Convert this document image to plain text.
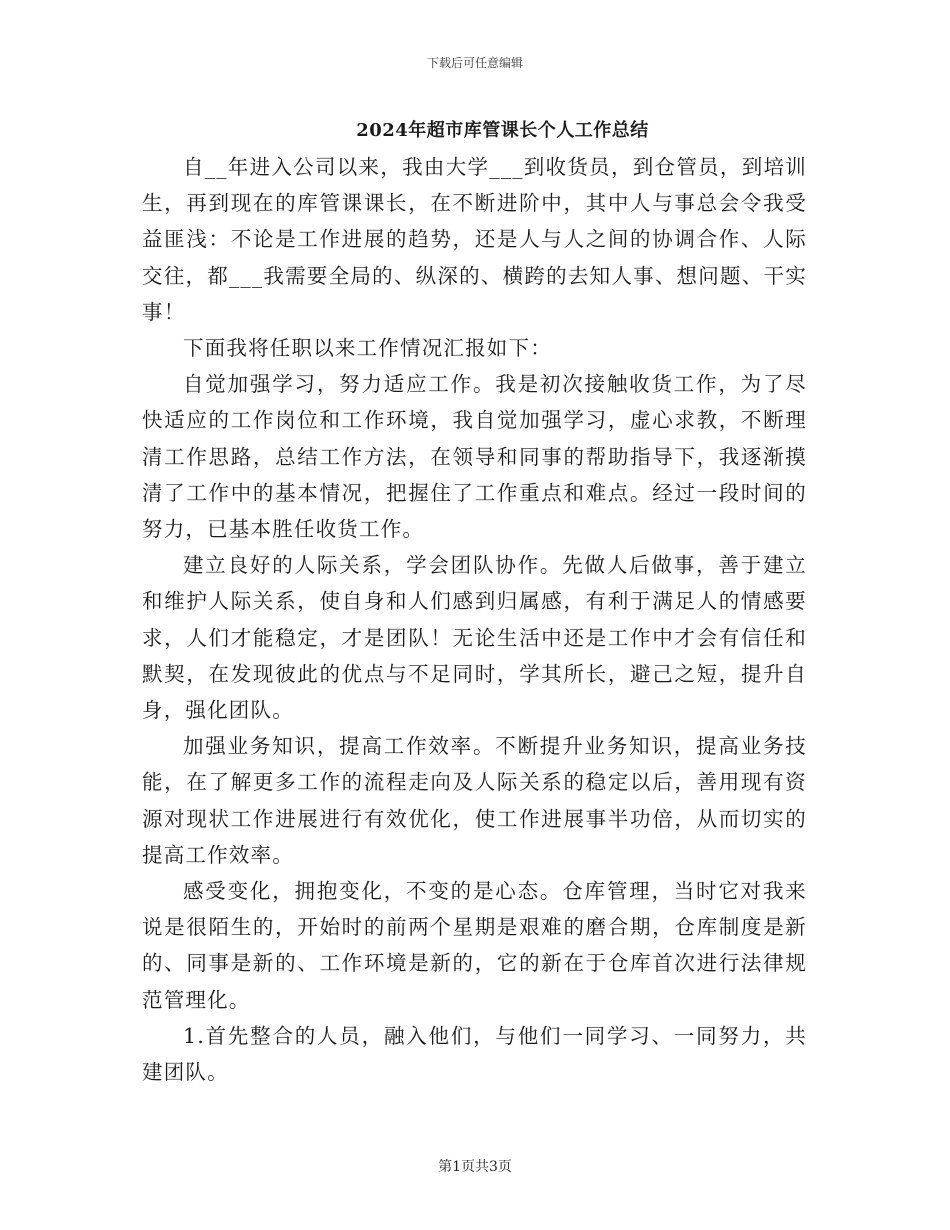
下载后可任意编辑
2024年超市库管课长个人工作总结

自__年进入公司以来，我由大学___到收货员，到仓管员，到培训生，再到现在的库管课课长，在不断进阶中，其中人与事总会令我受益匪浅：不论是工作进展的趋势，还是人与人之间的协调合作、人际交往，都___我需要全局的、纵深的、横跨的去知人事、想问题、干实事！

下面我将任职以来工作情况汇报如下：

自觉加强学习，努力适应工作。我是初次接触收货工作，为了尽快适应的工作岗位和工作环境，我自觉加强学习，虚心求教，不断理清工作思路，总结工作方法，在领导和同事的帮助指导下，我逐渐摸清了工作中的基本情况，把握住了工作重点和难点。经过一段时间的努力，已基本胜任收货工作。

建立良好的人际关系，学会团队协作。先做人后做事，善于建立和维护人际关系，使自身和人们感到归属感，有利于满足人的情感要求，人们才能稳定，才是团队！无论生活中还是工作中才会有信任和默契，在发现彼此的优点与不足同时，学其所长，避己之短，提升自身，强化团队。

加强业务知识，提高工作效率。不断提升业务知识，提高业务技能，在了解更多工作的流程走向及人际关系的稳定以后，善用现有资源对现状工作进展进行有效优化，使工作进展事半功倍，从而切实的提高工作效率。

感受变化，拥抱变化，不变的是心态。仓库管理，当时它对我来说是很陌生的，开始时的前两个星期是艰难的磨合期，仓库制度是新的、同事是新的、工作环境是新的，它的新在于仓库首次进行法律规范管理化。

1.首先整合的人员，融入他们，与他们一同学习、一同努力，共建团队。

第1页共3页
